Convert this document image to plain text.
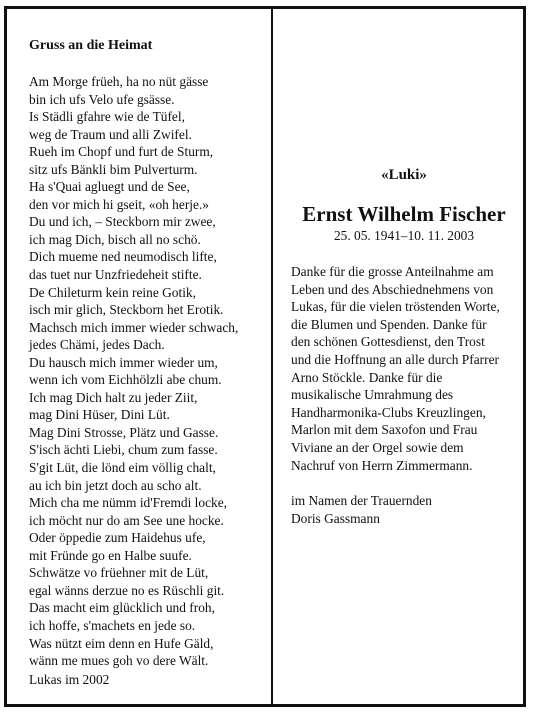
Gruss an die Heimat
Am Morge früeh, ha no nüt gässe
bin ich ufs Velo ufe gsässe.
Is Städli gfahre wie de Tüfel,
weg de Traum und alli Zwifel.
Rueh im Chopf und furt de Sturm,
sitz ufs Bänkli bim Pulverturm.
Ha s'Quai agluegt und de See,
den vor mich hi gseit, «oh herje.»
Du und ich, – Steckborn mir zwee,
ich mag Dich, bisch all no schö.
Dich mueme ned neumodisch lifte,
das tuet nur Unzfriedeheit stifte.
De Chileturm kein reine Gotik,
isch mir glich, Steckborn het Erotik.
Machsch mich immer wieder schwach,
jedes Chämi, jedes Dach.
Du hausch mich immer wieder um,
wenn ich vom Eichhölzli abe chum.
Ich mag Dich halt zu jeder Ziit,
mag Dini Hüser, Dini Lüt.
Mag Dini Strosse, Plätz und Gasse.
S'isch ächti Liebi, chum zum fasse.
S'git Lüt, die lönd eim völlig chalt,
au ich bin jetzt doch au scho alt.
Mich cha me nümm id'Fremdi locke,
ich möcht nur do am See une hocke.
Oder öppedie zum Haidehus ufe,
mit Fründe go en Halbe suufe.
Schwätze vo früehner mit de Lüt,
egal wänns derzue no es Rüschli git.
Das macht eim glücklich und froh,
ich hoffe, s'machets en jede so.
Was nützt eim denn en Hufe Gäld,
wänn me mues goh vo dere Wält.
Lukas im 2002
«Luki»
Ernst Wilhelm Fischer
25. 05. 1941–10. 11. 2003
Danke für die grosse Anteilnahme am
Leben und des Abschiednehmens von
Lukas, für die vielen tröstenden Worte,
die Blumen und Spenden. Danke für
den schönen Gottesdienst, den Trost
und die Hoffnung an alle durch Pfarrer
Arno Stöckle. Danke für die
musikalische Umrahmung des
Handharmonika-Clubs Kreuzlingen,
Marlon mit dem Saxofon und Frau
Viviane an der Orgel sowie dem
Nachruf von Herrn Zimmermann.
im Namen der Trauernden
Doris Gassmann
